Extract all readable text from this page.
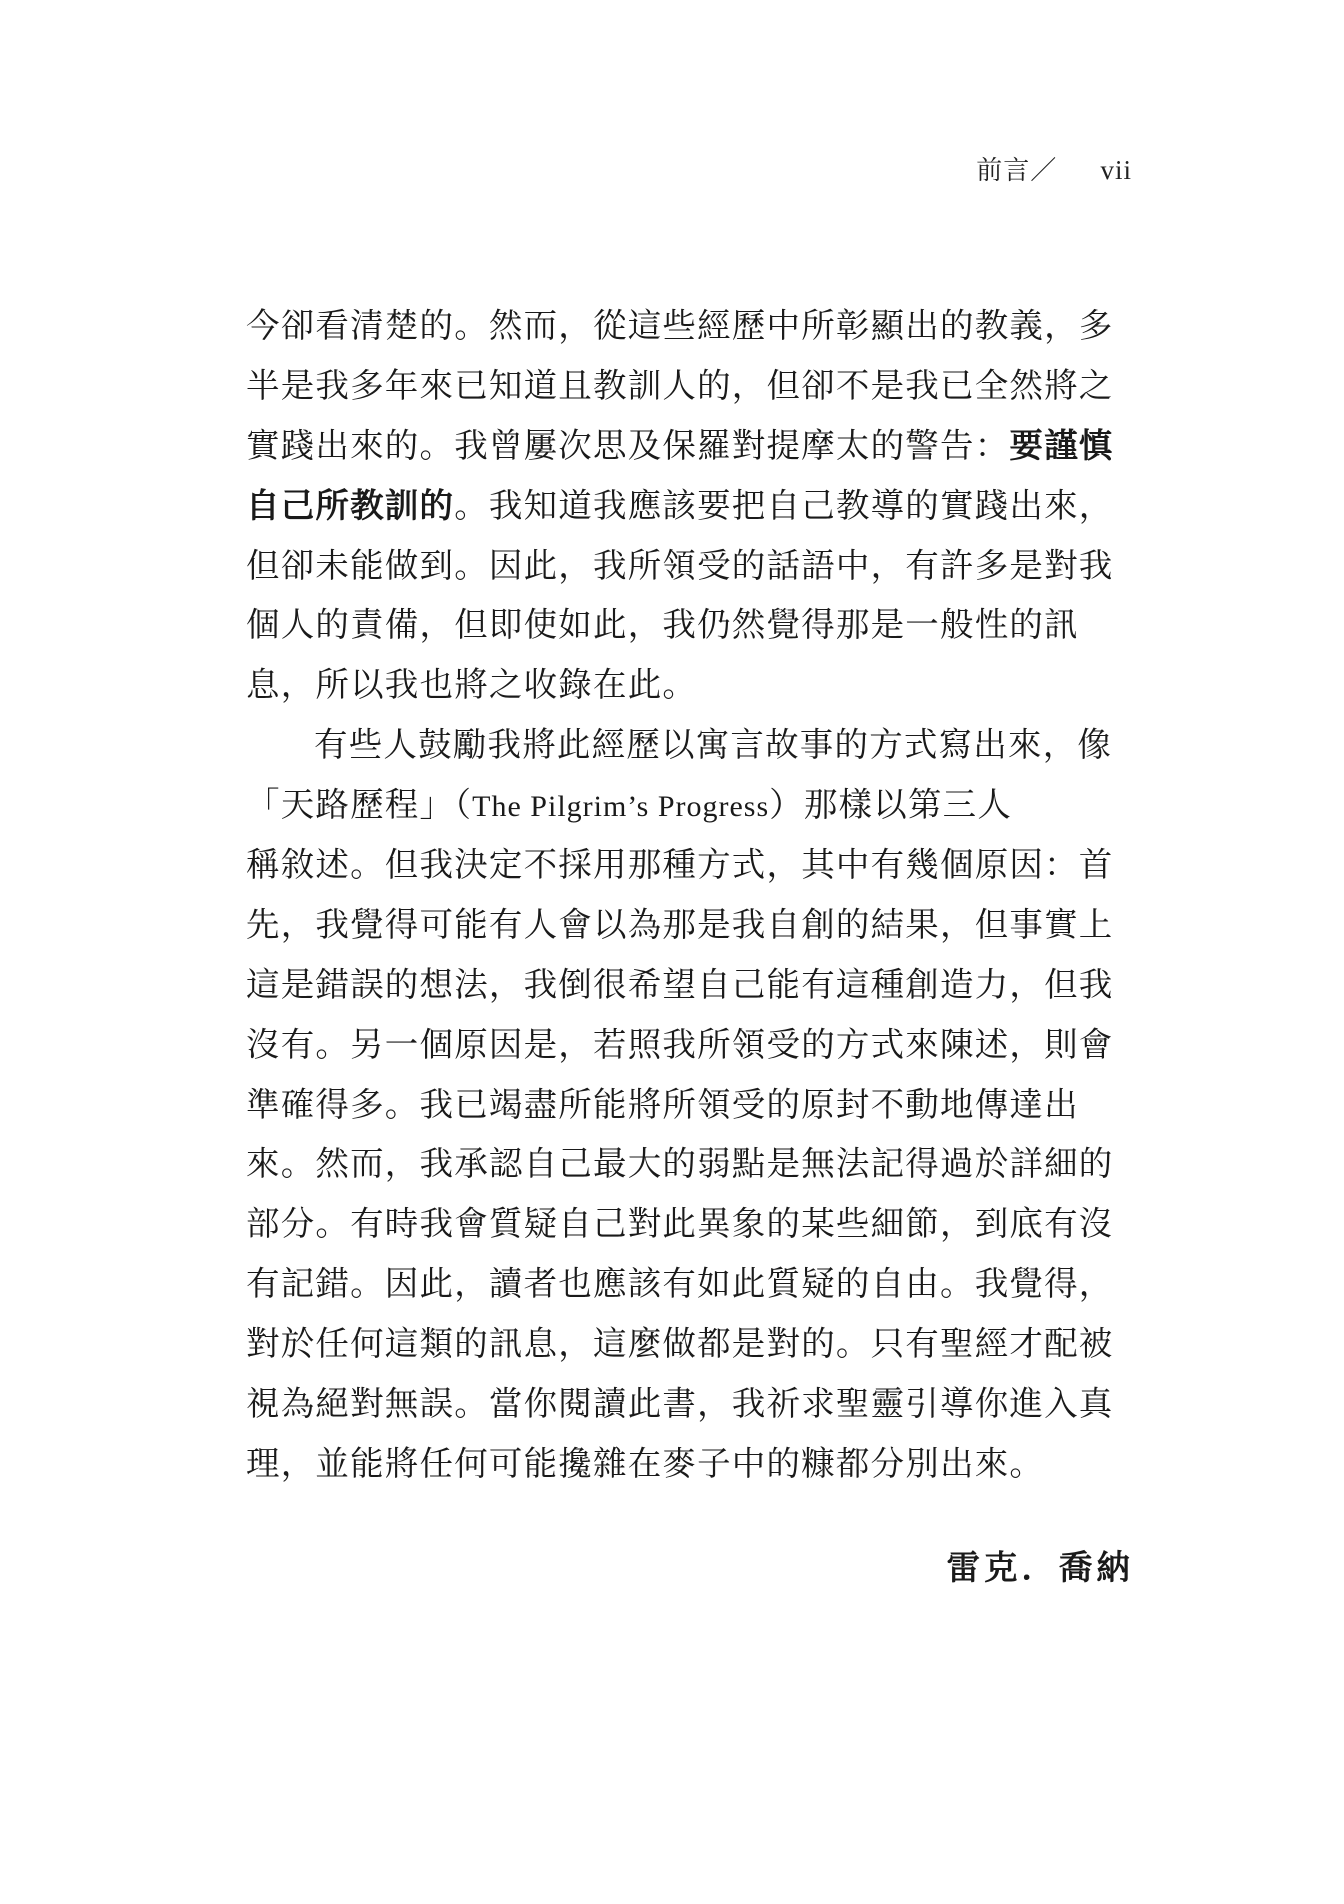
前言／ vii
今卻看清楚的。然而，從這些經歷中所彰顯出的教義，多
半是我多年來已知道且教訓人的，但卻不是我已全然將之
實踐出來的。我曾屢次思及保羅對提摩太的警告：要謹慎
自己所教訓的。我知道我應該要把自己教導的實踐出來，
但卻未能做到。因此，我所領受的話語中，有許多是對我
個人的責備，但即使如此，我仍然覺得那是一般性的訊
息，所以我也將之收錄在此。
有些人鼓勵我將此經歷以寓言故事的方式寫出來，像
「天路歷程」（The Pilgrim’s Progress）那樣以第三人
稱敘述。但我決定不採用那種方式，其中有幾個原因：首
先，我覺得可能有人會以為那是我自創的結果，但事實上
這是錯誤的想法，我倒很希望自己能有這種創造力，但我
沒有。另一個原因是，若照我所領受的方式來陳述，則會
準確得多。我已竭盡所能將所領受的原封不動地傳達出
來。然而，我承認自己最大的弱點是無法記得過於詳細的
部分。有時我會質疑自己對此異象的某些細節，到底有沒
有記錯。因此，讀者也應該有如此質疑的自由。我覺得，
對於任何這類的訊息，這麼做都是對的。只有聖經才配被
視為絕對無誤。當你閱讀此書，我祈求聖靈引導你進入真
理，並能將任何可能攙雜在麥子中的糠都分別出來。
雷克．喬納
